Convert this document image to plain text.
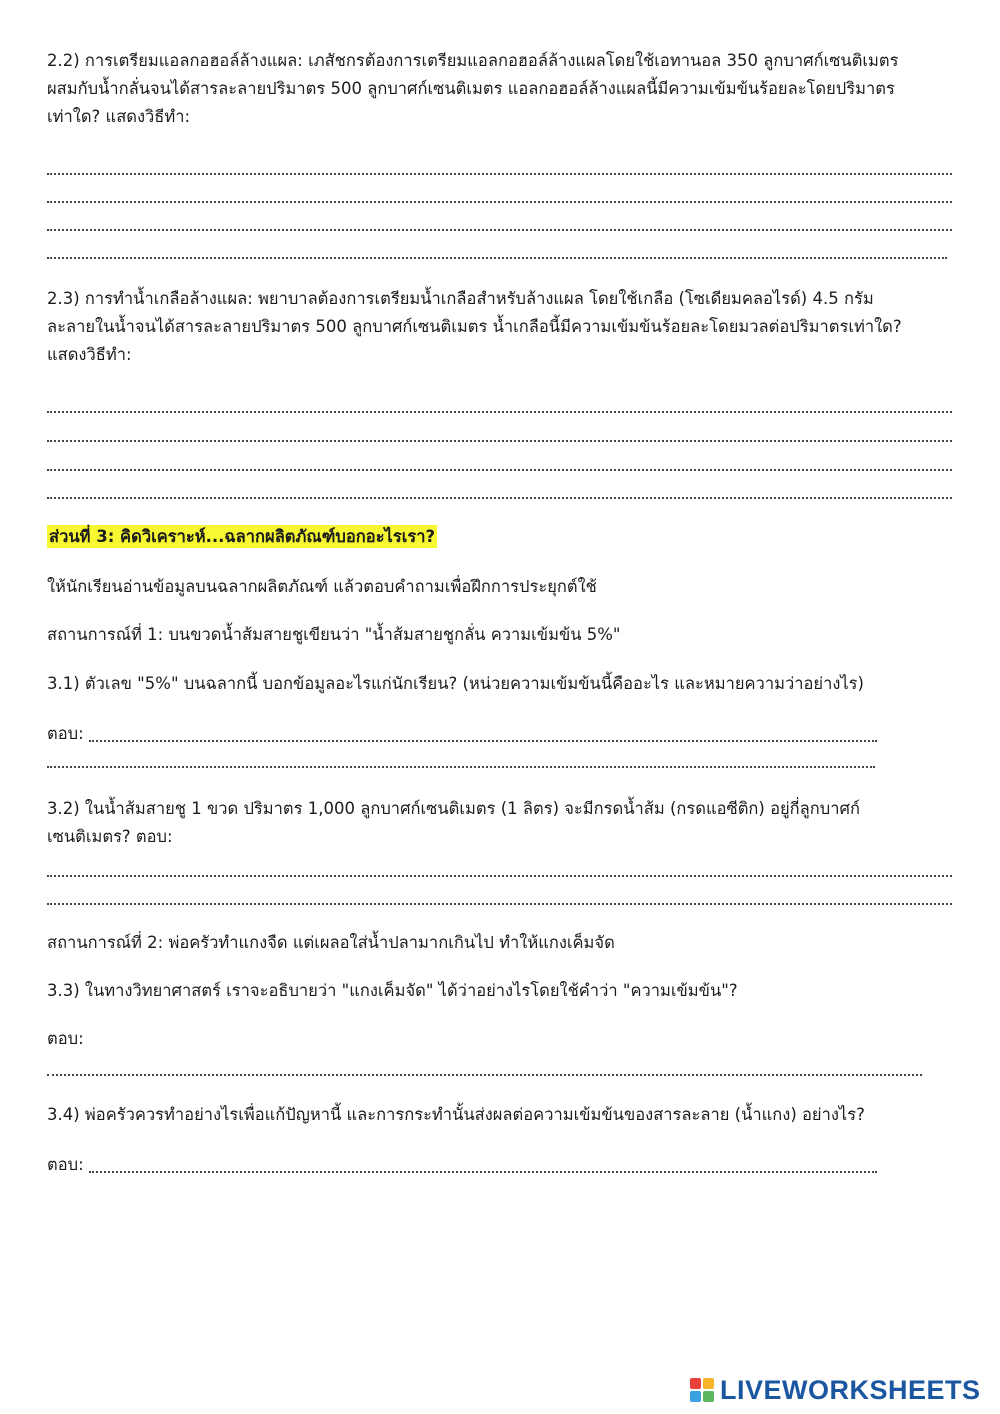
2.2) การเตรียมแอลกอฮอล์ล้างแผล: เภสัชกรต้องการเตรียมแอลกอฮอล์ล้างแผลโดยใช้เอทานอล 350 ลูกบาศก์เซนติเมตร

ผสมกับน้ำกลั่นจนได้สารละลายปริมาตร 500 ลูกบาศก์เซนติเมตร แอลกอฮอล์ล้างแผลนี้มีความเข้มข้นร้อยละโดยปริมาตร

เท่าใด? แสดงวิธีทำ:

2.3) การทำน้ำเกลือล้างแผล: พยาบาลต้องการเตรียมน้ำเกลือสำหรับล้างแผล โดยใช้เกลือ (โซเดียมคลอไรด์) 4.5 กรัม

ละลายในน้ำจนได้สารละลายปริมาตร 500 ลูกบาศก์เซนติเมตร น้ำเกลือนี้มีความเข้มข้นร้อยละโดยมวลต่อปริมาตรเท่าใด?

แสดงวิธีทำ:

ส่วนที่ 3: คิดวิเคราะห์...ฉลากผลิตภัณฑ์บอกอะไรเรา?

ให้นักเรียนอ่านข้อมูลบนฉลากผลิตภัณฑ์ แล้วตอบคำถามเพื่อฝึกการประยุกต์ใช้

สถานการณ์ที่ 1: บนขวดน้ำส้มสายชูเขียนว่า "น้ำส้มสายชูกลั่น ความเข้มข้น 5%"

3.1) ตัวเลข "5%" บนฉลากนี้ บอกข้อมูลอะไรแก่นักเรียน? (หน่วยความเข้มข้นนี้คืออะไร และหมายความว่าอย่างไร)

ตอบ:

3.2) ในน้ำส้มสายชู 1 ขวด ปริมาตร 1,000 ลูกบาศก์เซนติเมตร (1 ลิตร) จะมีกรดน้ำส้ม (กรดแอซีติก) อยู่กี่ลูกบาศก์

เซนติเมตร? ตอบ:

สถานการณ์ที่ 2: พ่อครัวทำแกงจืด แต่เผลอใส่น้ำปลามากเกินไป ทำให้แกงเค็มจัด

3.3) ในทางวิทยาศาสตร์ เราจะอธิบายว่า "แกงเค็มจัด" ได้ว่าอย่างไรโดยใช้คำว่า "ความเข้มข้น"?

ตอบ:

3.4) พ่อครัวควรทำอย่างไรเพื่อแก้ปัญหานี้ และการกระทำนั้นส่งผลต่อความเข้มข้นของสารละลาย (น้ำแกง) อย่างไร?

ตอบ:
LIVEWORKSHEETS
